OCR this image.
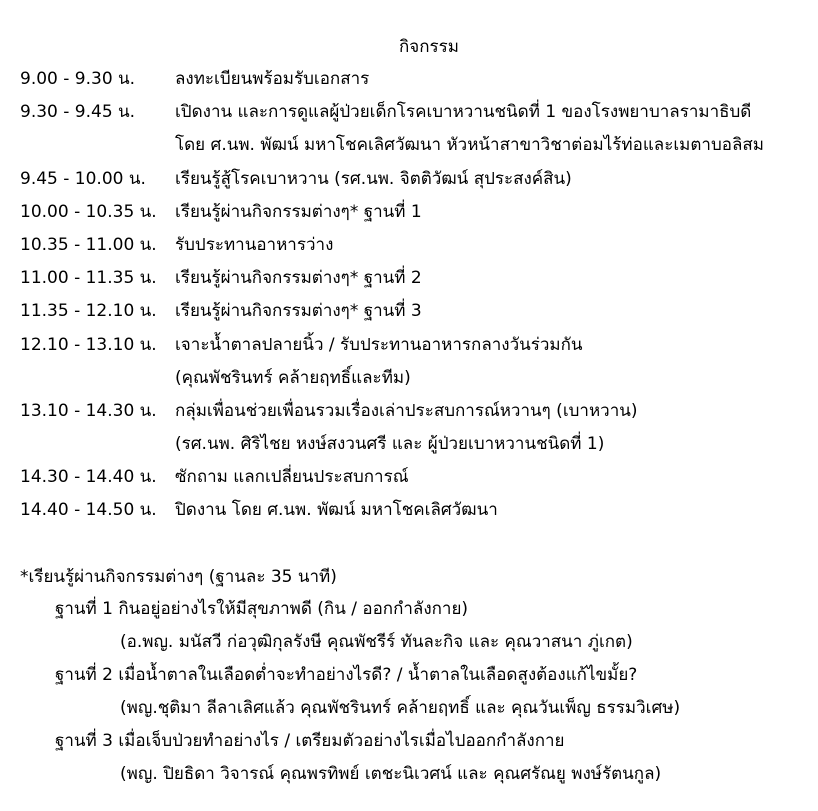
กิจกรรม
9.00 - 9.30 น. ลงทะเบียนพร้อมรับเอกสาร
9.30 - 9.45 น. เปิดงาน และการดูแลผู้ป่วยเด็กโรคเบาหวานชนิดที่ 1 ของโรงพยาบาลรามาธิบดี
โดย ศ.นพ. พัฒน์ มหาโชคเลิศวัฒนา หัวหน้าสาขาวิชาต่อมไร้ท่อและเมตาบอลิสม
9.45 - 10.00 น. เรียนรู้สู้โรคเบาหวาน (รศ.นพ. จิตติวัฒน์ สุประสงค์สิน)
10.00 - 10.35 น. เรียนรู้ผ่านกิจกรรมต่างๆ* ฐานที่ 1
10.35 - 11.00 น. รับประทานอาหารว่าง
11.00 - 11.35 น. เรียนรู้ผ่านกิจกรรมต่างๆ* ฐานที่ 2
11.35 - 12.10 น. เรียนรู้ผ่านกิจกรรมต่างๆ* ฐานที่ 3
12.10 - 13.10 น. เจาะน้ำตาลปลายนิ้ว / รับประทานอาหารกลางวันร่วมกัน
(คุณพัชรินทร์ คล้ายฤทธิ์และทีม)
13.10 - 14.30 น. กลุ่มเพื่อนช่วยเพื่อนรวมเรื่องเล่าประสบการณ์หวานๆ (เบาหวาน)
(รศ.นพ. ศิริไชย หงษ์สงวนศรี และ ผู้ป่วยเบาหวานชนิดที่ 1)
14.30 - 14.40 น. ซักถาม แลกเปลี่ยนประสบการณ์
14.40 - 14.50 น. ปิดงาน โดย ศ.นพ. พัฒน์ มหาโชคเลิศวัฒนา
*เรียนรู้ผ่านกิจกรรมต่างๆ (ฐานละ 35 นาที)
ฐานที่ 1 กินอยู่อย่างไรให้มีสุขภาพดี (กิน / ออกกำลังกาย)
(อ.พญ. มนัสวี ก่อวุฒิกุลรังษี คุณพัชรีร์ ทันละกิจ และ คุณวาสนา ภู่เกต)
ฐานที่ 2 เมื่อน้ำตาลในเลือดต่ำจะทำอย่างไรดี? / น้ำตาลในเลือดสูงต้องแก้ไขมั้ย?
(พญ.ชุติมา ลีลาเลิศแล้ว คุณพัชรินทร์ คล้ายฤทธิ์ และ คุณวันเพ็ญ ธรรมวิเศษ)
ฐานที่ 3 เมื่อเจ็บป่วยทำอย่างไร / เตรียมตัวอย่างไรเมื่อไปออกกำลังกาย
(พญ. ปิยธิดา วิจารณ์ คุณพรทิพย์ เตชะนิเวศน์ และ คุณศรัณยู พงษ์รัตนกูล)
